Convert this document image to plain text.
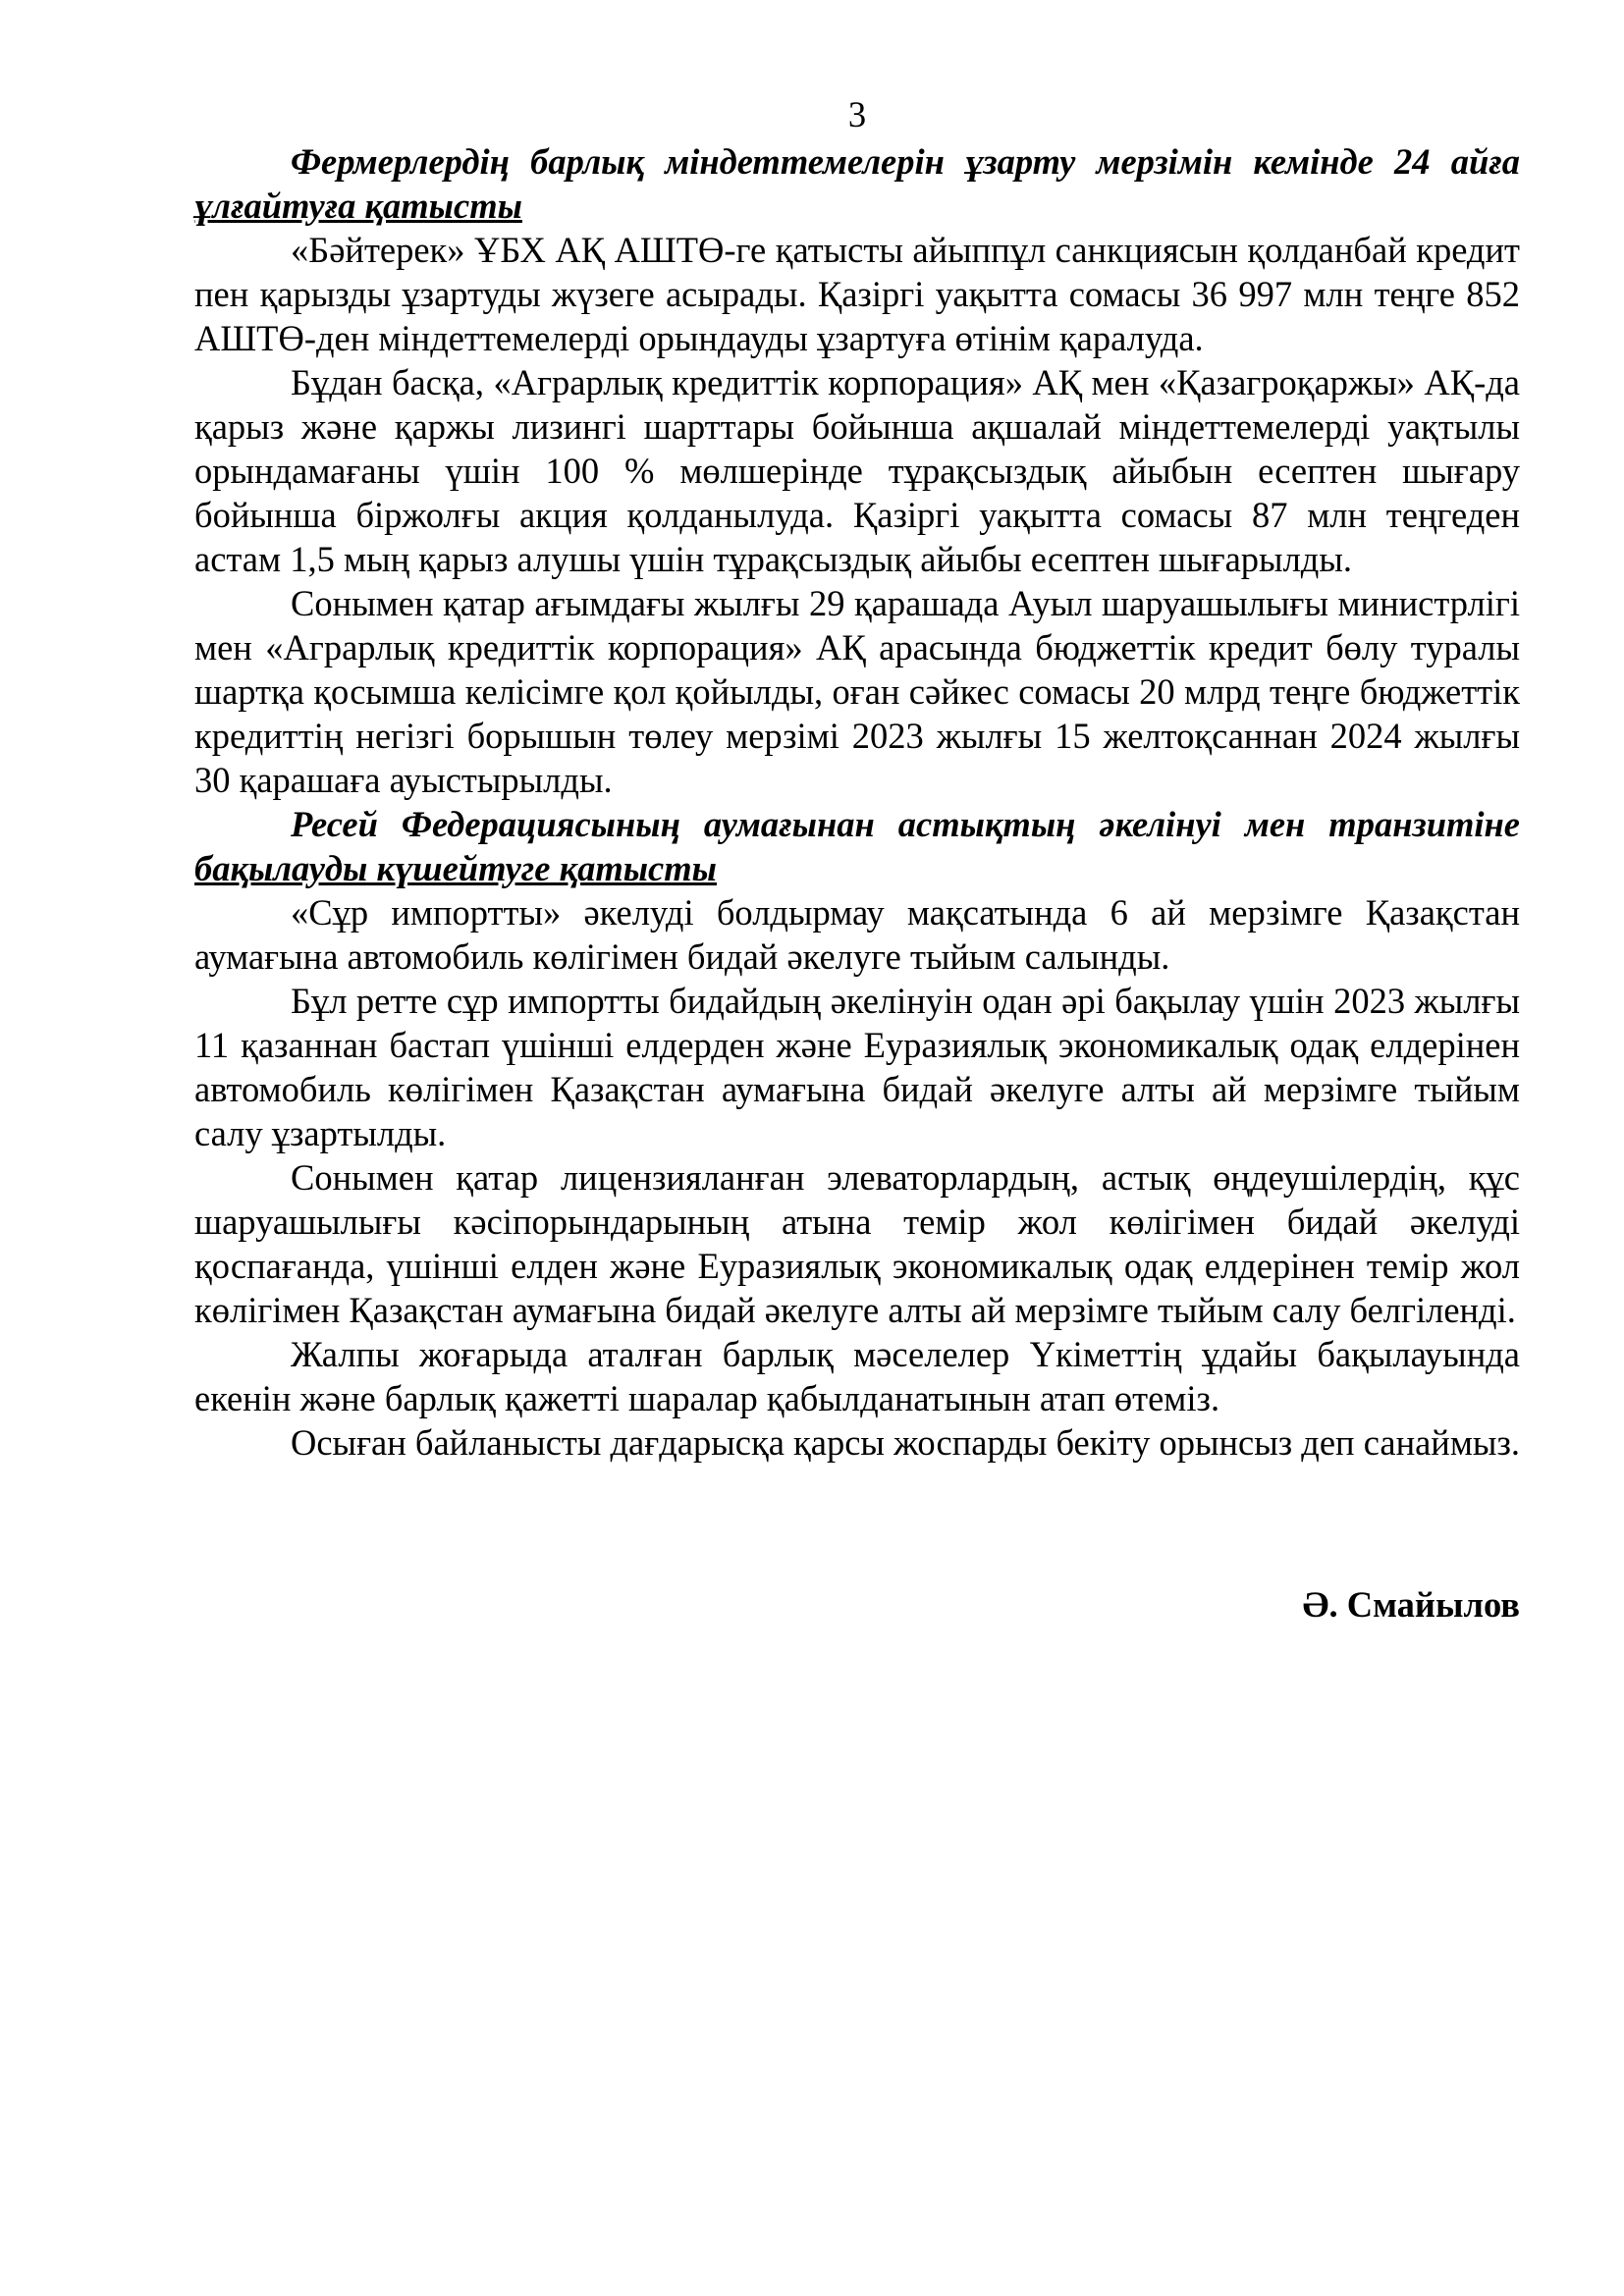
3

Фермерлердің барлық міндеттемелерін ұзарту мерзімін кемінде 24 айға ұлғайтуға қатысты

«Бәйтерек» ҰБХ АҚ АШТӨ-ге қатысты айыппұл санкциясын қолданбай кредит пен қарызды ұзартуды жүзеге асырады. Қазіргі уақытта сомасы 36 997 млн теңге 852 АШТӨ-ден міндеттемелерді орындауды ұзартуға өтінім қаралуда.

Бұдан басқа, «Аграрлық кредиттік корпорация» АҚ мен «Қазагроқаржы» АҚ-да қарыз және қаржы лизингі шарттары бойынша ақшалай міндеттемелерді уақтылы орындамағаны үшін 100 % мөлшерінде тұрақсыздық айыбын есептен шығару бойынша біржолғы акция қолданылуда. Қазіргі уақытта сомасы 87 млн теңгеден астам 1,5 мың қарыз алушы үшін тұрақсыздық айыбы есептен шығарылды.

Сонымен қатар ағымдағы жылғы 29 қарашада Ауыл шаруашылығы министрлігі мен «Аграрлық кредиттік корпорация» АҚ арасында бюджеттік кредит бөлу туралы шартқа қосымша келісімге қол қойылды, оған сәйкес сомасы 20 млрд теңге бюджеттік кредиттің негізгі борышын төлеу мерзімі 2023 жылғы 15 желтоқсаннан 2024 жылғы 30 қарашаға ауыстырылды.

Ресей Федерациясының аумағынан астықтың әкелінуі мен транзитіне бақылауды күшейтуге қатысты

«Сұр импортты» әкелуді болдырмау мақсатында 6 ай мерзімге Қазақстан аумағына автомобиль көлігімен бидай әкелуге тыйым салынды.

Бұл ретте сұр импортты бидайдың әкелінуін одан әрі бақылау үшін 2023 жылғы 11 қазаннан бастап үшінші елдерден және Еуразиялық экономикалық одақ елдерінен автомобиль көлігімен Қазақстан аумағына бидай әкелуге алты ай мерзімге тыйым салу ұзартылды.

Сонымен қатар лицензияланған элеваторлардың, астық өңдеушілердің, құс шаруашылығы кәсіпорындарының атына темір жол көлігімен бидай әкелуді қоспағанда, үшінші елден және Еуразиялық экономикалық одақ елдерінен темір жол көлігімен Қазақстан аумағына бидай әкелуге алты ай мерзімге тыйым салу белгіленді.

Жалпы жоғарыда аталған барлық мәселелер Үкіметтің ұдайы бақылауында екенін және барлық қажетті шаралар қабылданатынын атап өтеміз.

Осыған байланысты дағдарысқа қарсы жоспарды бекіту орынсыз деп санаймыз.

Ә. Смайылов
